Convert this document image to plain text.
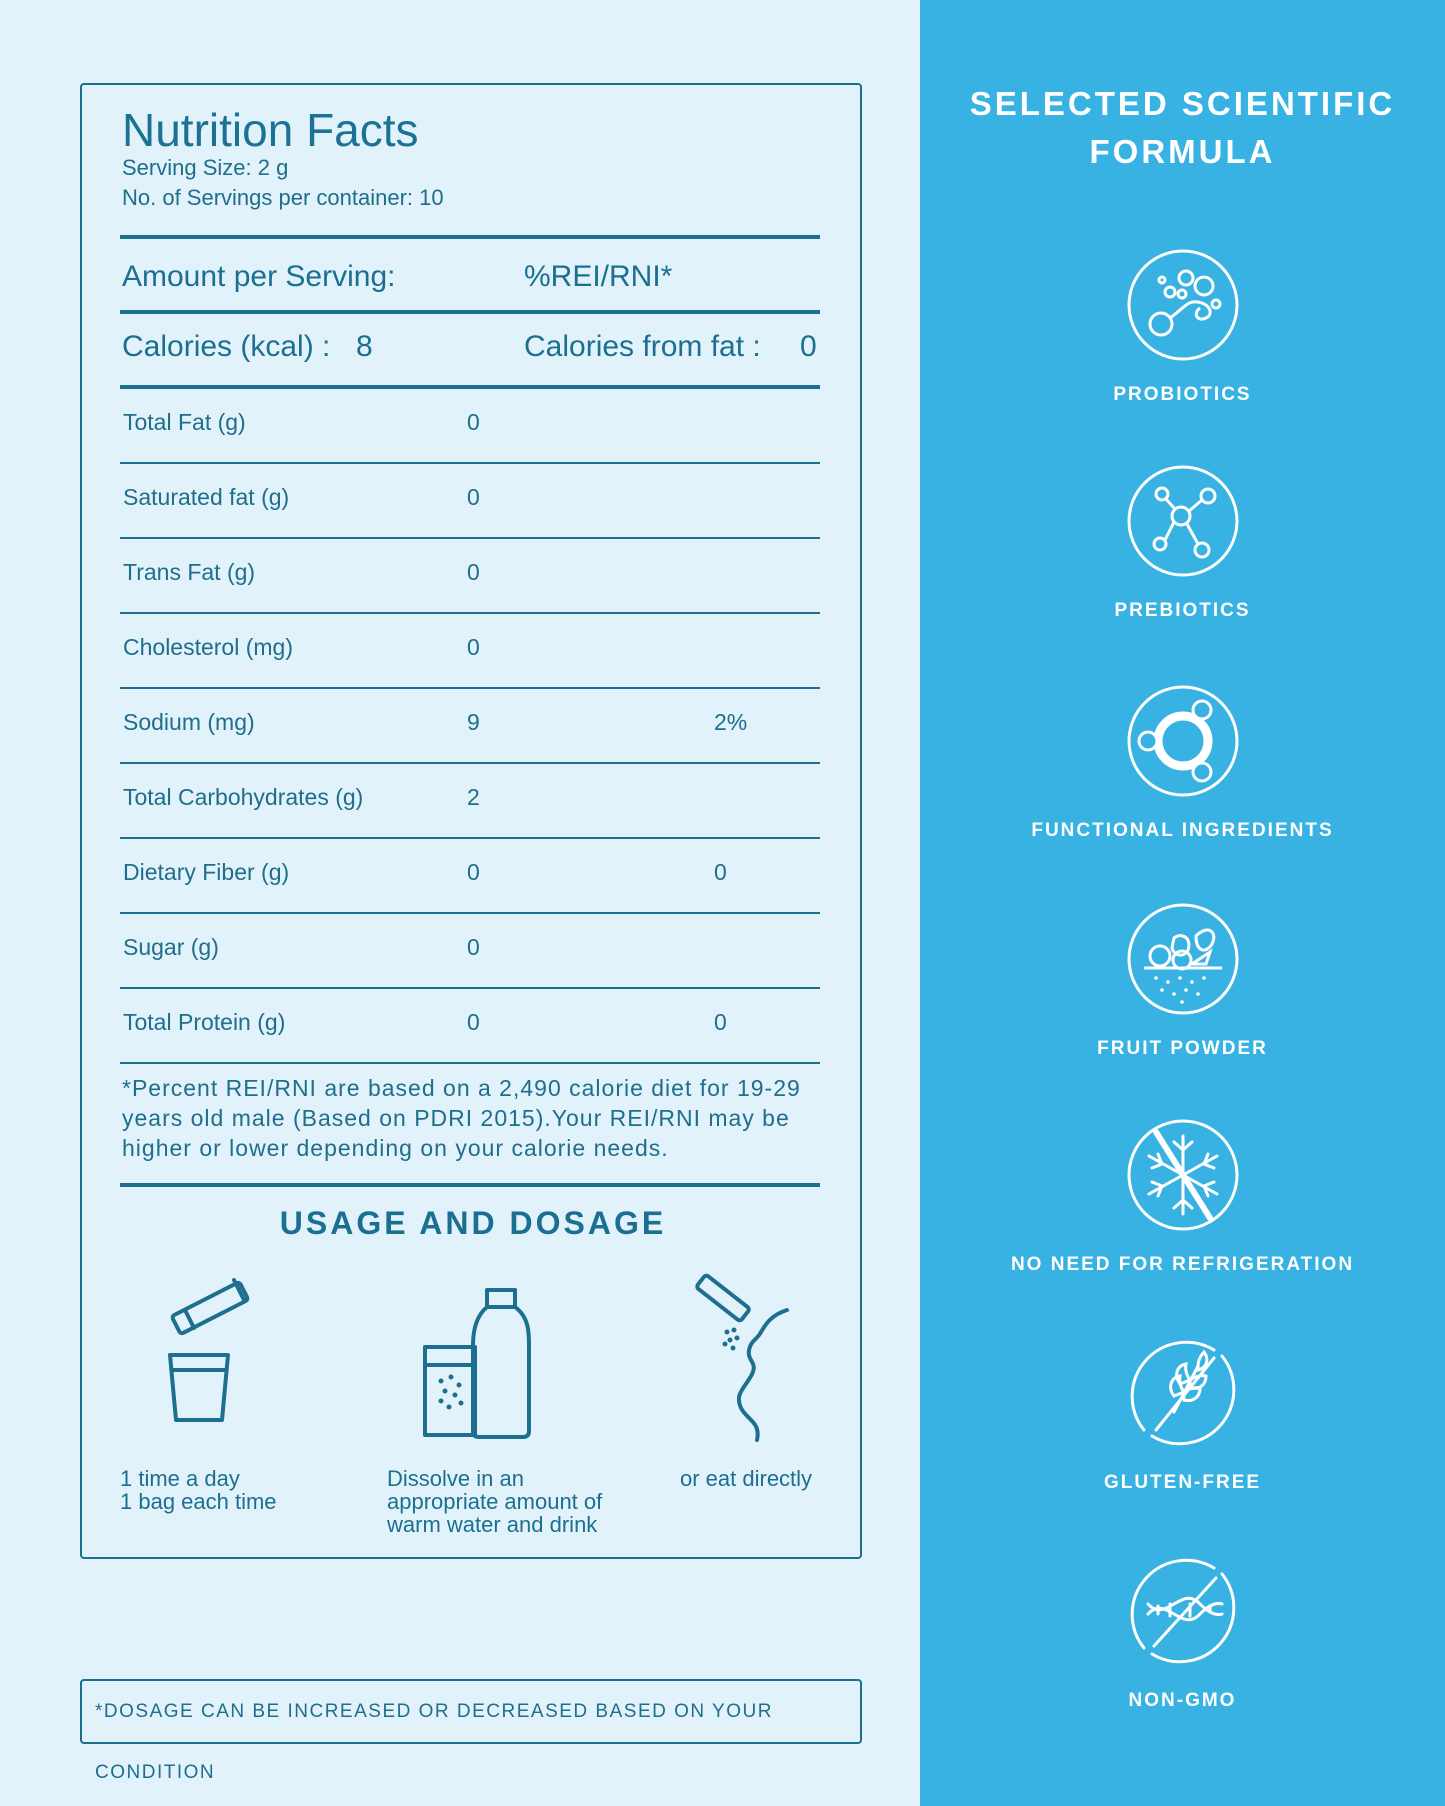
Nutrition Facts
Serving Size: 2 g
No. of Servings per container: 10
Amount per Serving:	%REI/RNI*
Calories (kcal) : 8	Calories from fat : 0
Total Fat (g)	0
Saturated fat (g)	0
Trans Fat (g)	0
Cholesterol (mg)	0
Sodium (mg)	9	2%
Total Carbohydrates (g)	2
Dietary Fiber (g)	0	0
Sugar (g)	0
Total Protein (g)	0	0
*Percent REI/RNI are based on a 2,490 calorie diet for 19-29 years old male (Based on PDRI 2015).Your REI/RNI may be higher or lower depending on your calorie needs.
USAGE AND DOSAGE
1 time a day
1 bag each time
Dissolve in an
appropriate amount of
warm water and drink
or eat directly
*DOSAGE CAN BE INCREASED OR DECREASED BASED ON YOUR CONDITION
SELECTED SCIENTIFIC
FORMULA
PROBIOTICS
PREBIOTICS
FUNCTIONAL INGREDIENTS
FRUIT POWDER
NO NEED FOR REFRIGERATION
GLUTEN-FREE
NON-GMO
